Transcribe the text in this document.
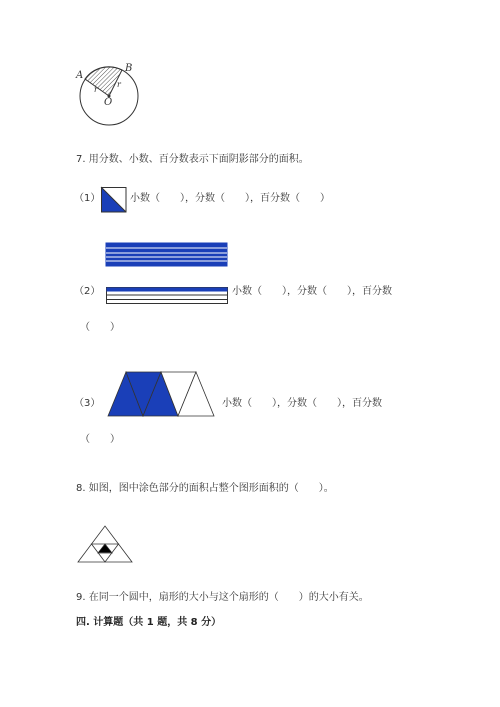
A
B
r
r
O
7. 用分数、小数、百分数表示下面阴影部分的面积。
（1）	小数（　　），分数（　　），百分数（　　）
（2）	小数（　　），分数（　　），百分数
（　　）
（3）	小数（　　），分数（　　），百分数
（　　）
8. 如图，图中涂色部分的面积占整个图形面积的（　　）。
9. 在同一个圆中，扇形的大小与这个扇形的（　　）的大小有关。
四. 计算题（共 1 题，共 8 分）
